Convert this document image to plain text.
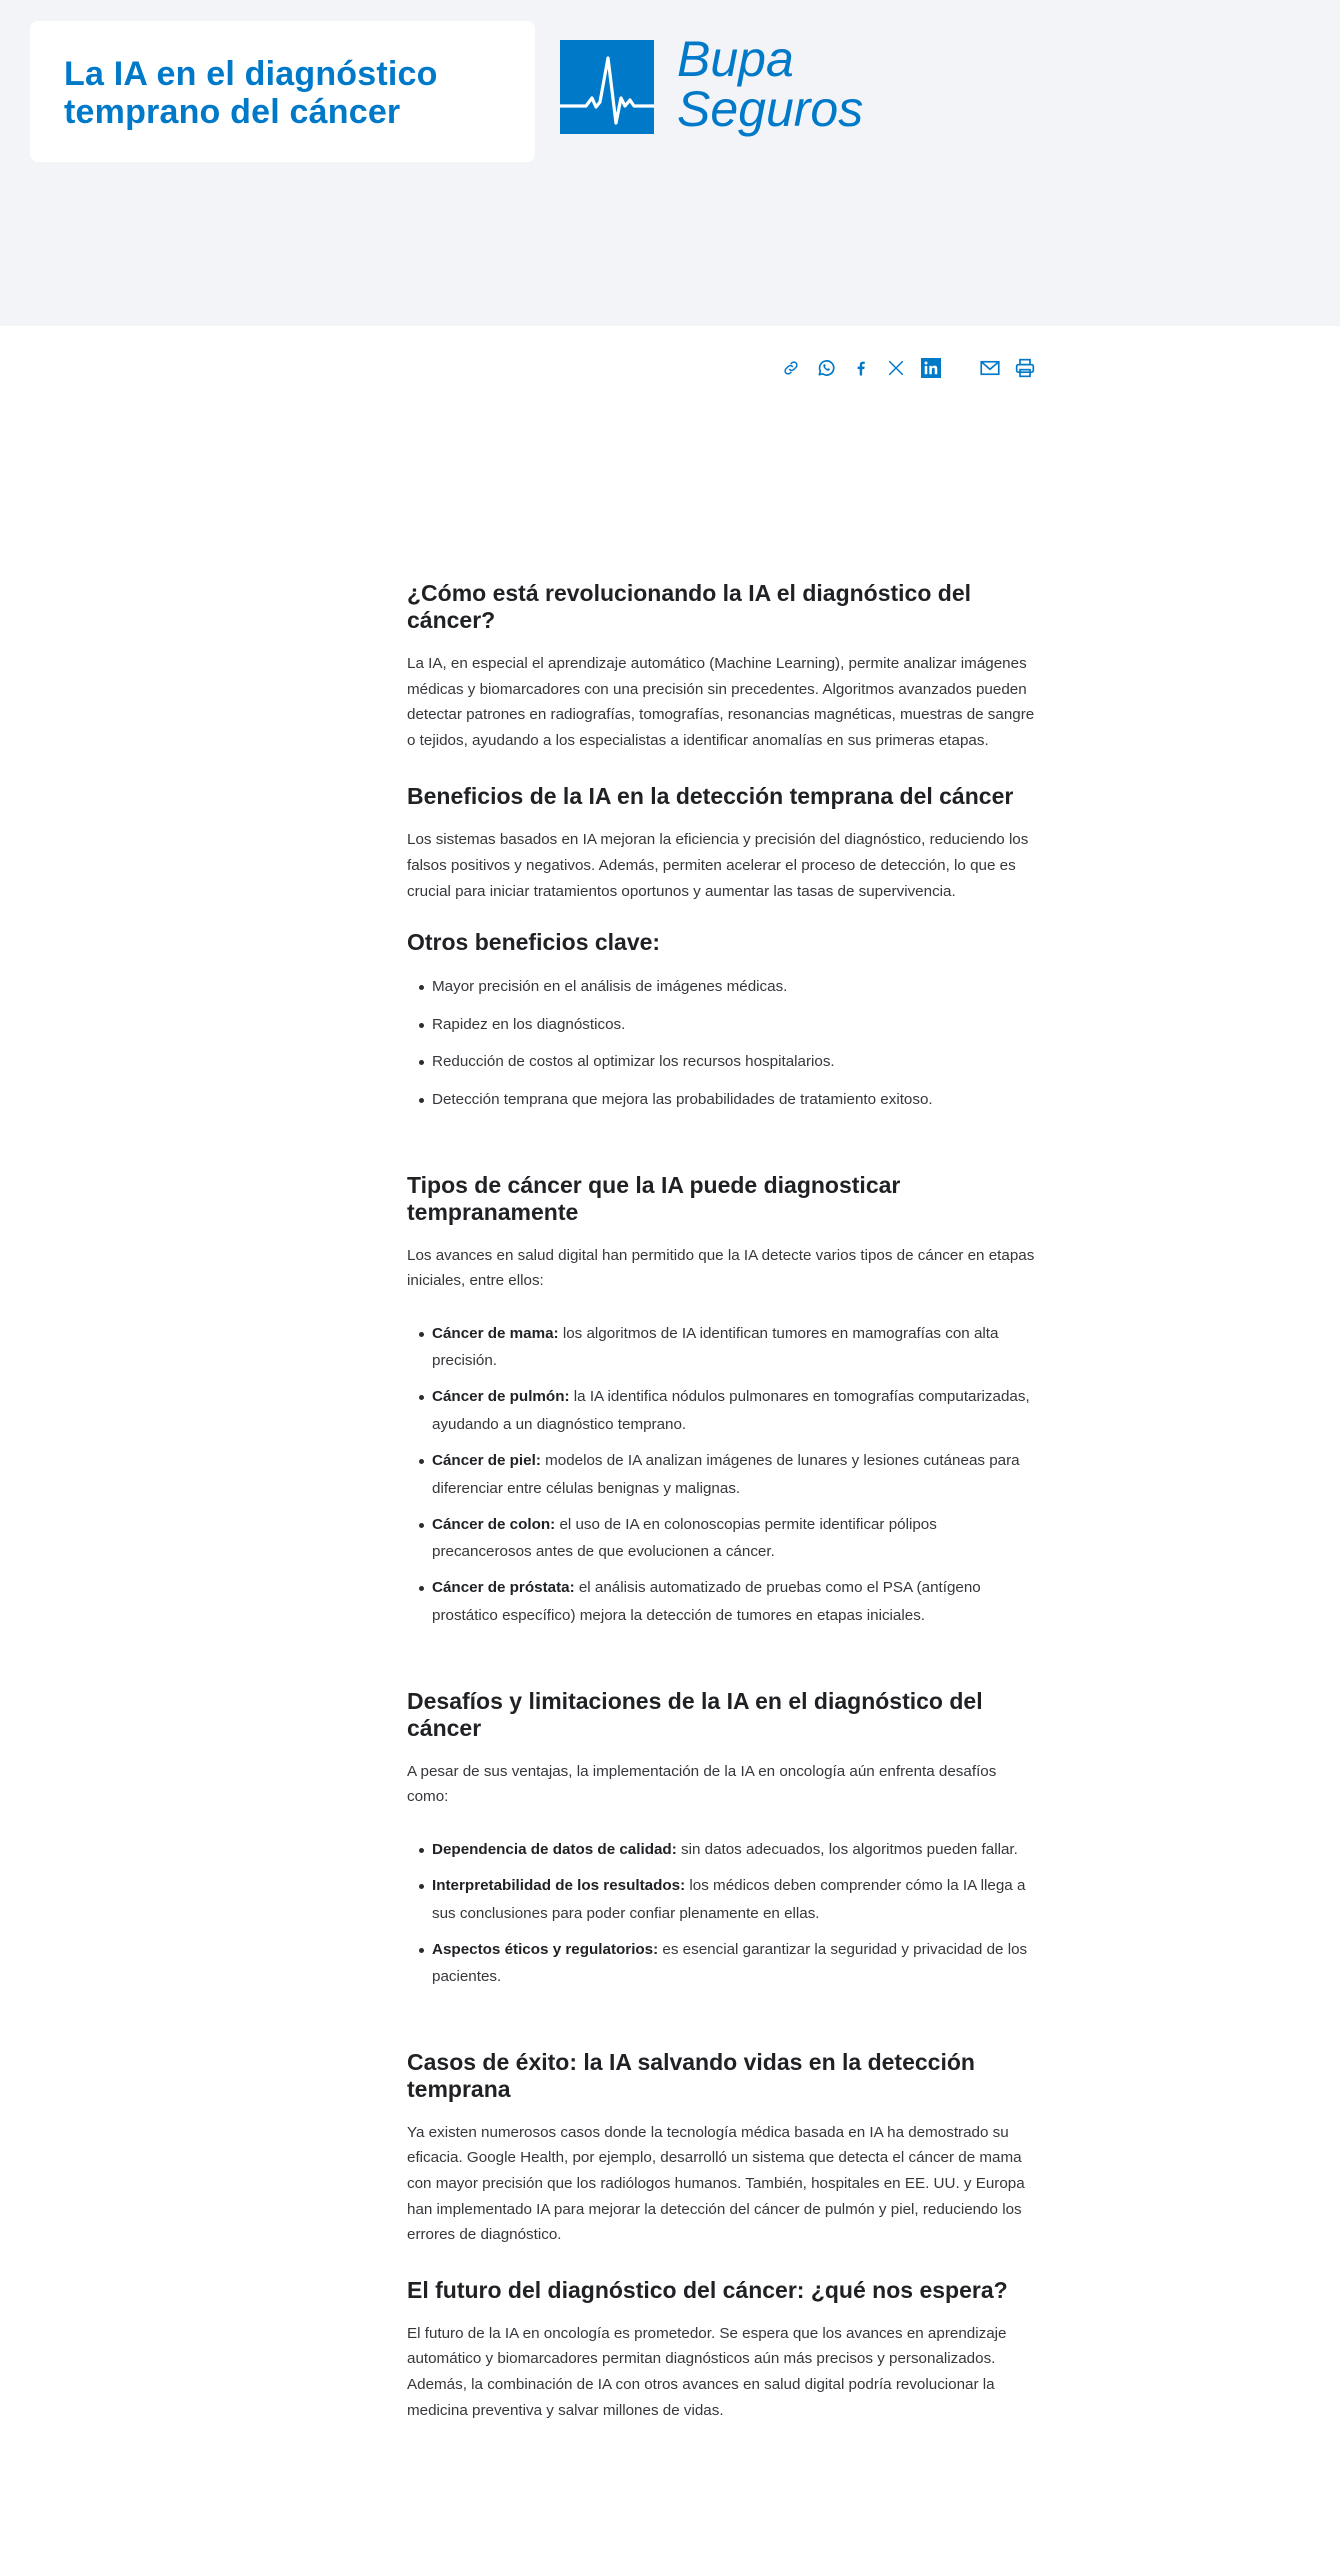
La IA en el diagnóstico
temprano del cáncer
Bupa
Seguros
¿Cómo está revolucionando la IA el diagnóstico del cáncer?

La IA, en especial el aprendizaje automático (Machine Learning), permite analizar imágenes médicas y biomarcadores con una precisión sin precedentes. Algoritmos avanzados pueden detectar patrones en radiografías, tomografías, resonancias magnéticas, muestras de sangre o tejidos, ayudando a los especialistas a identificar anomalías en sus primeras etapas.

Beneficios de la IA en la detección temprana del cáncer

Los sistemas basados en IA mejoran la eficiencia y precisión del diagnóstico, reduciendo los falsos positivos y negativos. Además, permiten acelerar el proceso de detección, lo que es crucial para iniciar tratamientos oportunos y aumentar las tasas de supervivencia.

Otros beneficios clave:
Mayor precisión en el análisis de imágenes médicas.
Rapidez en los diagnósticos.
Reducción de costos al optimizar los recursos hospitalarios.
Detección temprana que mejora las probabilidades de tratamiento exitoso.
Tipos de cáncer que la IA puede diagnosticar tempranamente

Los avances en salud digital han permitido que la IA detecte varios tipos de cáncer en etapas iniciales, entre ellos:

Cáncer de mama: los algoritmos de IA identifican tumores en mamografías con alta precisión.
Cáncer de pulmón: la IA identifica nódulos pulmonares en tomografías computarizadas, ayudando a un diagnóstico temprano.
Cáncer de piel: modelos de IA analizan imágenes de lunares y lesiones cutáneas para diferenciar entre células benignas y malignas.
Cáncer de colon: el uso de IA en colonoscopias permite identificar pólipos precancerosos antes de que evolucionen a cáncer.
Cáncer de próstata: el análisis automatizado de pruebas como el PSA (antígeno prostático específico) mejora la detección de tumores en etapas iniciales.
Desafíos y limitaciones de la IA en el diagnóstico del cáncer

A pesar de sus ventajas, la implementación de la IA en oncología aún enfrenta desafíos como:

Dependencia de datos de calidad: sin datos adecuados, los algoritmos pueden fallar.
Interpretabilidad de los resultados: los médicos deben comprender cómo la IA llega a sus conclusiones para poder confiar plenamente en ellas.
Aspectos éticos y regulatorios: es esencial garantizar la seguridad y privacidad de los pacientes.
Casos de éxito: la IA salvando vidas en la detección temprana

Ya existen numerosos casos donde la tecnología médica basada en IA ha demostrado su eficacia. Google Health, por ejemplo, desarrolló un sistema que detecta el cáncer de mama con mayor precisión que los radiólogos humanos. También, hospitales en EE. UU. y Europa han implementado IA para mejorar la detección del cáncer de pulmón y piel, reduciendo los errores de diagnóstico.

El futuro del diagnóstico del cáncer: ¿qué nos espera?

El futuro de la IA en oncología es prometedor. Se espera que los avances en aprendizaje automático y biomarcadores permitan diagnósticos aún más precisos y personalizados. Además, la combinación de IA con otros avances en salud digital podría revolucionar la medicina preventiva y salvar millones de vidas.
